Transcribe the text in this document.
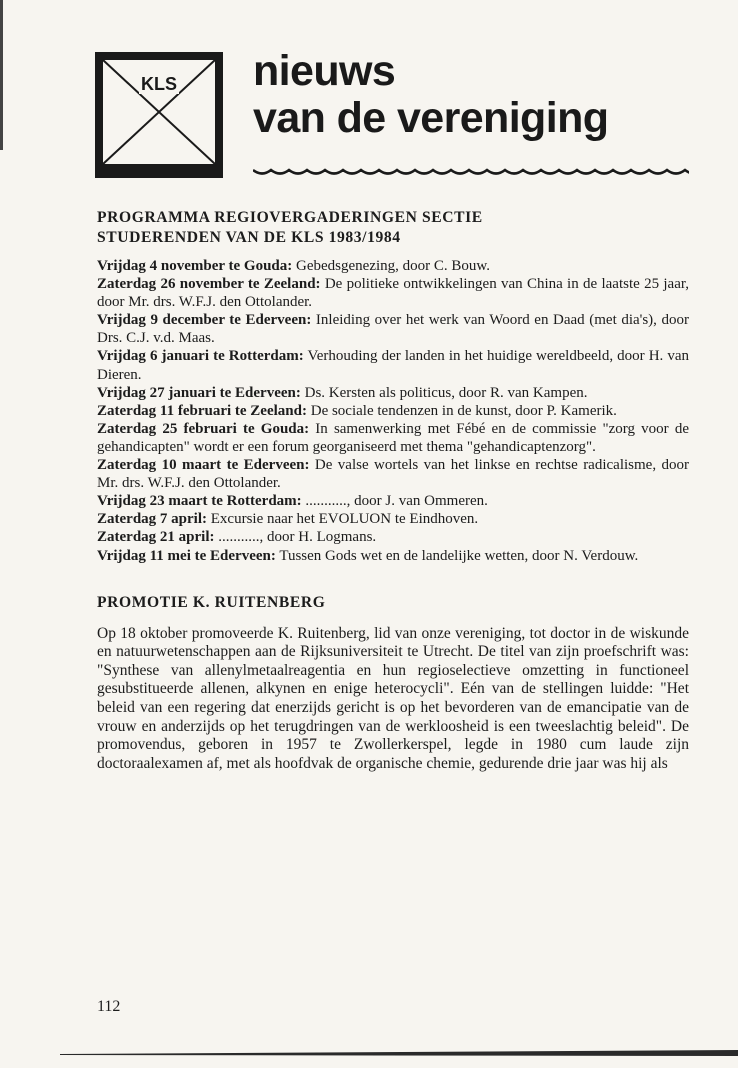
KLS nieuws
van de vereniging
PROGRAMMA REGIOVERGADERINGEN SECTIE
STUDERENDEN VAN DE KLS 1983/1984

Vrijdag 4 november te Gouda: Gebedsgenezing, door C. Bouw.

Zaterdag 26 november te Zeeland: De politieke ontwikkelingen van China in de laatste 25 jaar, door Mr. drs. W.F.J. den Ottolander.

Vrijdag 9 december te Ederveen: Inleiding over het werk van Woord en Daad (met dia's), door Drs. C.J. v.d. Maas.

Vrijdag 6 januari te Rotterdam: Verhouding der landen in het huidige wereldbeeld, door H. van Dieren.

Vrijdag 27 januari te Ederveen: Ds. Kersten als politicus, door R. van Kampen.

Zaterdag 11 februari te Zeeland: De sociale tendenzen in de kunst, door P. Kamerik.

Zaterdag 25 februari te Gouda: In samenwerking met Fébé en de commissie "zorg voor de gehandicapten" wordt er een forum georganiseerd met thema "gehandicaptenzorg".

Zaterdag 10 maart te Ederveen: De valse wortels van het linkse en rechtse radicalisme, door Mr. drs. W.F.J. den Ottolander.

Vrijdag 23 maart te Rotterdam: ..........., door J. van Ommeren.

Zaterdag 7 april: Excursie naar het EVOLUON te Eindhoven.

Zaterdag 21 april: ..........., door H. Logmans.

Vrijdag 11 mei te Ederveen: Tussen Gods wet en de landelijke wetten, door N. Verdouw.

PROMOTIE K. RUITENBERG

Op 18 oktober promoveerde K. Ruitenberg, lid van onze vereniging, tot doctor in de wiskunde en natuurwetenschappen aan de Rijksuniversiteit te Utrecht. De titel van zijn proefschrift was: "Synthese van allenylmetaalreagentia en hun regioselectieve omzetting in functioneel gesubstitueerde allenen, alkynen en enige heterocycli". Eén van de stellingen luidde: "Het beleid van een regering dat enerzijds gericht is op het bevorderen van de emancipatie van de vrouw en anderzijds op het terugdringen van de werkloosheid is een tweeslachtig beleid". De promovendus, geboren in 1957 te Zwollerkerspel, legde in 1980 cum laude zijn doctoraalexamen af, met als hoofdvak de organische chemie, gedurende drie jaar was hij als

112
